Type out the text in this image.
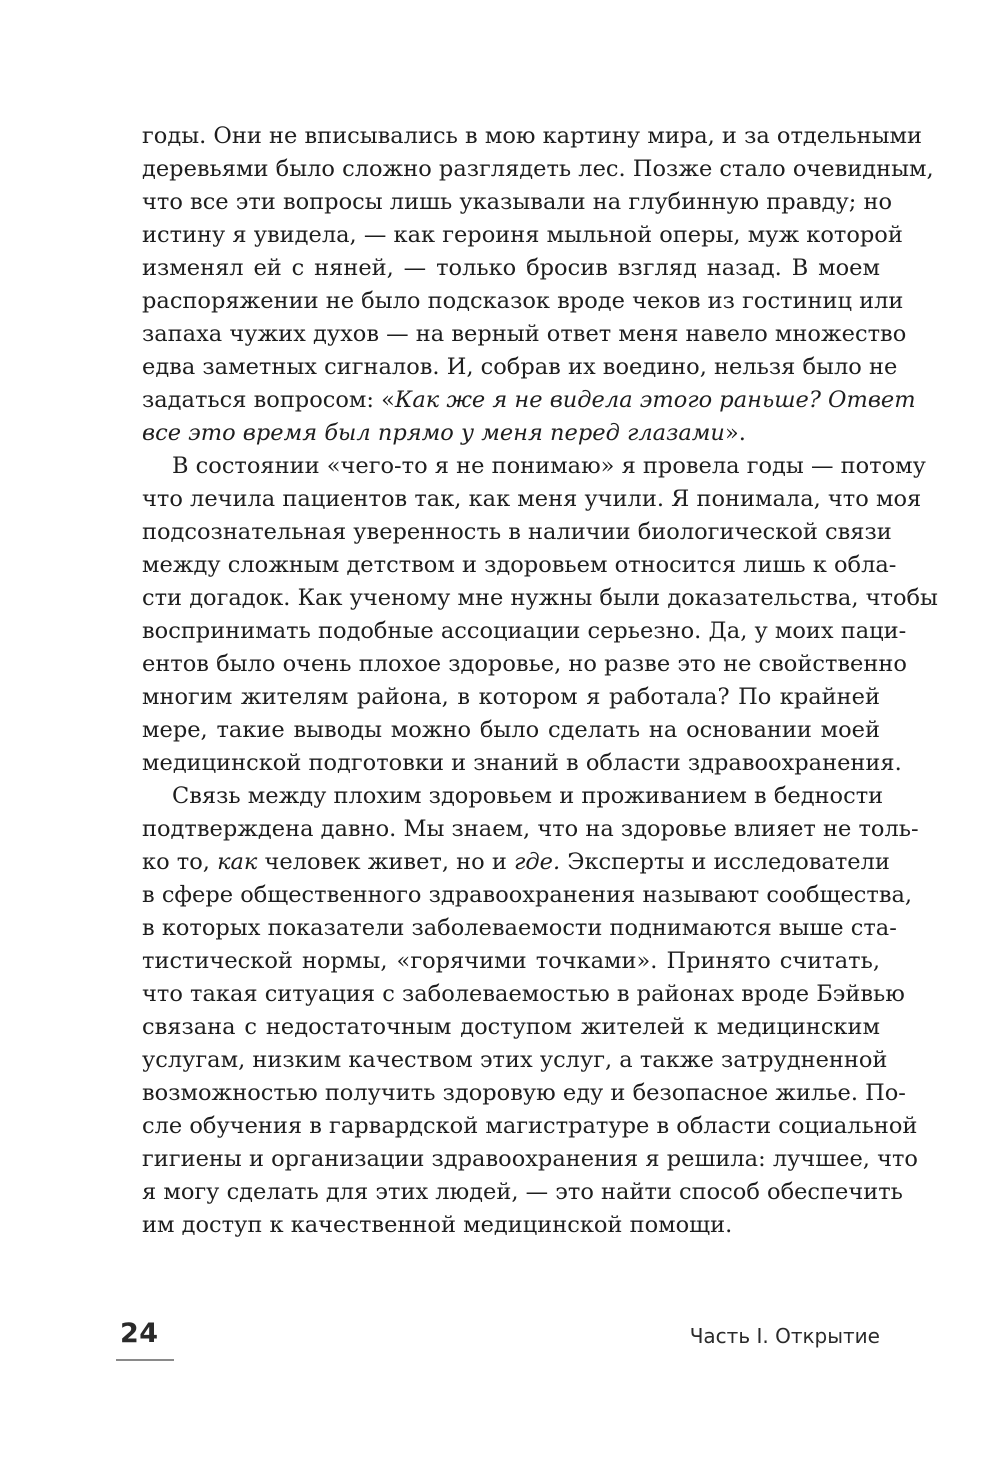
годы. Они не вписывались в мою картину мира, и за отдельными
деревьями было сложно разглядеть лес. Позже стало очевидным,
что все эти вопросы лишь указывали на глубинную правду; но
истину я увидела, — как героиня мыльной оперы, муж которой
изменял ей с няней, — только бросив взгляд назад. В моем
распоряжении не было подсказок вроде чеков из гостиниц или
запаха чужих духов — на верный ответ меня навело множество
едва заметных сигналов. И, собрав их воедино, нельзя было не
задаться вопросом: «Как же я не видела этого раньше? Ответ
все это время был прямо у меня перед глазами».
В состоянии «чего-то я не понимаю» я провела годы — потому
что лечила пациентов так, как меня учили. Я понимала, что моя
подсознательная уверенность в наличии биологической связи
между сложным детством и здоровьем относится лишь к обла-
сти догадок. Как ученому мне нужны были доказательства, чтобы
воспринимать подобные ассоциации серьезно. Да, у моих паци-
ентов было очень плохое здоровье, но разве это не свойственно
многим жителям района, в котором я работала? По крайней
мере, такие выводы можно было сделать на основании моей
медицинской подготовки и знаний в области здравоохранения.
Связь между плохим здоровьем и проживанием в бедности
подтверждена давно. Мы знаем, что на здоровье влияет не толь-
ко то, как человек живет, но и где. Эксперты и исследователи
в сфере общественного здравоохранения называют сообщества,
в которых показатели заболеваемости поднимаются выше ста-
тистической нормы, «горячими точками». Принято считать,
что такая ситуация с заболеваемостью в районах вроде Бэйвью
связана с недостаточным доступом жителей к медицинским
услугам, низким качеством этих услуг, а также затрудненной
возможностью получить здоровую еду и безопасное жилье. По-
сле обучения в гарвардской магистратуре в области социальной
гигиены и организации здравоохранения я решила: лучшее, что
я могу сделать для этих людей, — это найти способ обеспечить
им доступ к качественной медицинской помощи.
24	Часть I. Открытие
